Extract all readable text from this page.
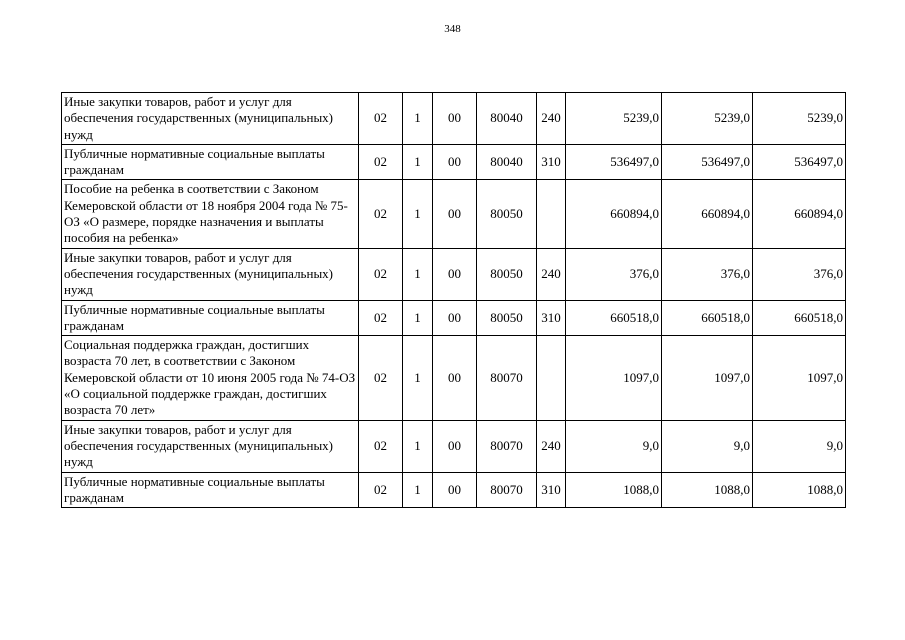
348
Иные закупки товаров, работ и услуг для обеспечения государственных (муниципальных) нужд	02	1	00	80040	240	5239,0	5239,0	5239,0
Публичные нормативные социальные выплаты гражданам	02	1	00	80040	310	536497,0	536497,0	536497,0
Пособие на ребенка в соответствии с Законом Кемеровской области от 18 ноября 2004 года № 75-ОЗ «О размере, порядке назначения и выплаты пособия на ребенка»	02	1	00	80050		660894,0	660894,0	660894,0
Иные закупки товаров, работ и услуг для обеспечения государственных (муниципальных) нужд	02	1	00	80050	240	376,0	376,0	376,0
Публичные нормативные социальные выплаты гражданам	02	1	00	80050	310	660518,0	660518,0	660518,0
Социальная поддержка граждан, достигших возраста 70 лет, в соответствии с Законом Кемеровской области от 10 июня 2005 года № 74-ОЗ «О социальной поддержке граждан, достигших возраста 70 лет»	02	1	00	80070		1097,0	1097,0	1097,0
Иные закупки товаров, работ и услуг для обеспечения государственных (муниципальных) нужд	02	1	00	80070	240	9,0	9,0	9,0
Публичные нормативные социальные выплаты гражданам	02	1	00	80070	310	1088,0	1088,0	1088,0
